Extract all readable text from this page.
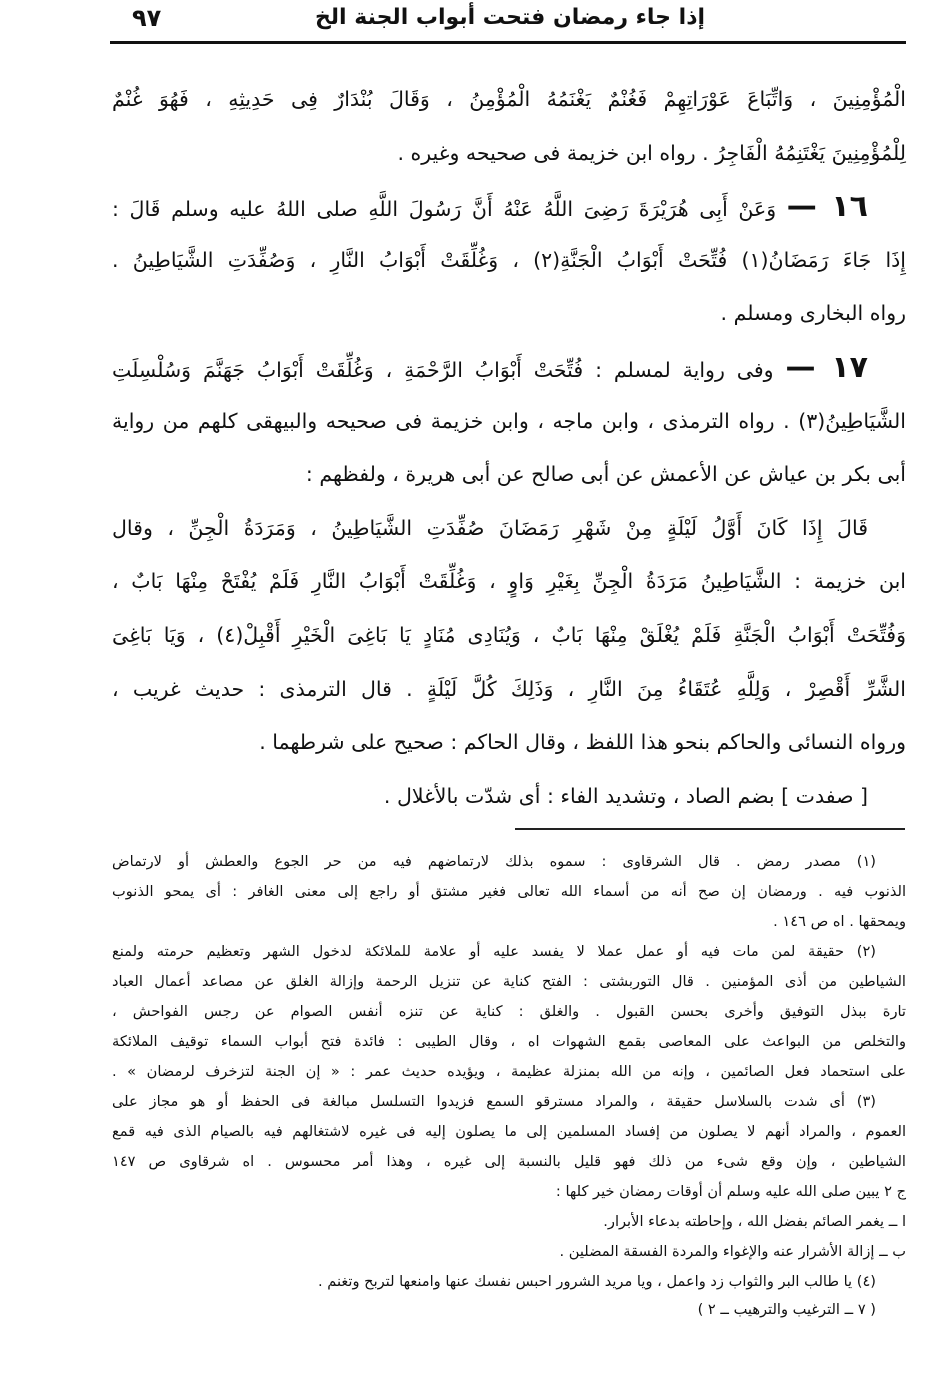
٩٧	إذا جاء رمضان فتحت أبواب الجنة الخ
الْمُؤْمِنِينَ ، وَاتِّبَاعَ عَوْرَاتِهِمْ فَغُنْمٌ يَغْنَمُهُ الْمُؤْمِنُ ، وَقَالَ بُنْدَارٌ فِى حَدِيثِهِ ، فَهُوَ غُنْمٌ
لِلْمُؤْمِنِينَ يَغْتَنِمُهُ الْفَاجِرُ . رواه ابن خزيمة فى صحيحه وغيره .
١٦ — وَعَنْ أَبِى هُرَيْرَةَ رَضِىَ اللَّهُ عَنْهُ أَنَّ رَسُولَ اللَّهِ صلى اللهُ عليه وسلم قَالَ :
إِذَا جَاءَ رَمَضَانُ(١) فُتِّحَتْ أَبْوَابُ الْجَنَّةِ(٢) ، وَغُلِّقَتْ أَبْوَابُ النَّارِ ، وَصُفِّدَتِ الشَّيَاطِينُ .
رواه البخارى ومسلم .
١٧ — وفى رواية لمسلم : فُتِّحَتْ أَبْوَابُ الرَّحْمَةِ ، وَغُلِّقَتْ أَبْوَابُ جَهَنَّمَ وَسُلْسِلَتِ
الشَّيَاطِينُ(٣) . رواه الترمذى ، وابن ماجه ، وابن خزيمة فى صحيحه والبيهقى كلهم من رواية
أبى بكر بن عياش عن الأعمش عن أبى صالح عن أبى هريرة ، ولفظهم :
قَالَ إِذَا كَانَ أَوَّلُ لَيْلَةٍ مِنْ شَهْرِ رَمَضَانَ صُفِّدَتِ الشَّيَاطِينُ ، وَمَرَدَةُ الْجِنِّ ، وقال
ابن خزيمة : الشَّيَاطِينُ مَرَدَةُ الْجِنِّ بِغَيْرِ وَاوٍ ، وَغُلِّقَتْ أَبْوَابُ النَّارِ فَلَمْ يُفْتَحْ مِنْهَا بَابٌ ،
وَفُتِّحَتْ أَبْوَابُ الْجَنَّةِ فَلَمْ يُغْلَقْ مِنْهَا بَابٌ ، وَيُنَادِى مُنَادٍ يَا بَاغِىَ الْخَيْرِ أَقْبِلْ(٤) ، وَيَا بَاغِىَ
الشَّرِّ أَقْصِرْ ، وَلِلَّهِ عُتَقَاءُ مِنَ النَّارِ ، وَذَلِكَ كُلَّ لَيْلَةٍ . قال الترمذى : حديث غريب ،
ورواه النسائى والحاكم بنحو هذا اللفظ ، وقال الحاكم : صحيح على شرطهما .
[ صفدت ] بضم الصاد ، وتشديد الفاء : أى شدّت بالأغلال .
(١) مصدر رمض . قال الشرقاوى : سموه بذلك لارتماضهم فيه من حر الجوع والعطش أو لارتماض
الذنوب فيه . ورمضان إن صح أنه من أسماء الله تعالى فغير مشتق أو راجع إلى معنى الغافر : أى يمحو الذنوب
ويمحقها . اه ص ١٤٦ .
(٢) حقيقة لمن مات فيه أو عمل عملا لا يفسد عليه أو علامة للملائكة لدخول الشهر وتعظيم حرمته ولمنع
الشياطين من أذى المؤمنين . قال التوربشتى : الفتح كناية عن تنزيل الرحمة وإزالة الغلق عن مصاعد أعمال العباد
تارة ببذل التوفيق وأخرى بحسن القبول . والغلق : كناية عن تنزه أنفس الصوام عن رجس الفواحش ،
والتخلص من البواعث على المعاصى بقمع الشهوات اه ، وقال الطيبى : فائدة فتح أبواب السماء توقيف الملائكة
على استحماد فعل الصائمين ، وإنه من الله بمنزلة عظيمة ، ويؤيده حديث عمر : « إن الجنة لتزخرف لرمضان » .
(٣) أى شدت بالسلاسل حقيقة ، والمراد مسترقو السمع فزيدوا التسلسل مبالغة فى الحفظ أو هو مجاز على
العموم ، والمراد أنهم لا يصلون من إفساد المسلمين إلى ما يصلون إليه فى غيره لاشتغالهم فيه بالصيام الذى فيه قمع
الشياطين ، وإن وقع شىء من ذلك فهو قليل بالنسبة إلى غيره ، وهذا أمر محسوس . اه شرقاوى ص ١٤٧
ج ٢ يبين صلى الله عليه وسلم أن أوقات رمضان خير كلها :
ا ــ يغمر الصائم بفضل الله ، وإحاطته بدعاء الأبرار.
ب ــ إزالة الأشرار عنه والإغواء والمردة الفسقة المضلين .
(٤) يا طالب البر والثواب زد واعمل ، ويا مريد الشرور احبس نفسك عنها وامنعها لتربح وتغنم .
( ٧ ــ الترغيب والترهيب ــ ٢ )
